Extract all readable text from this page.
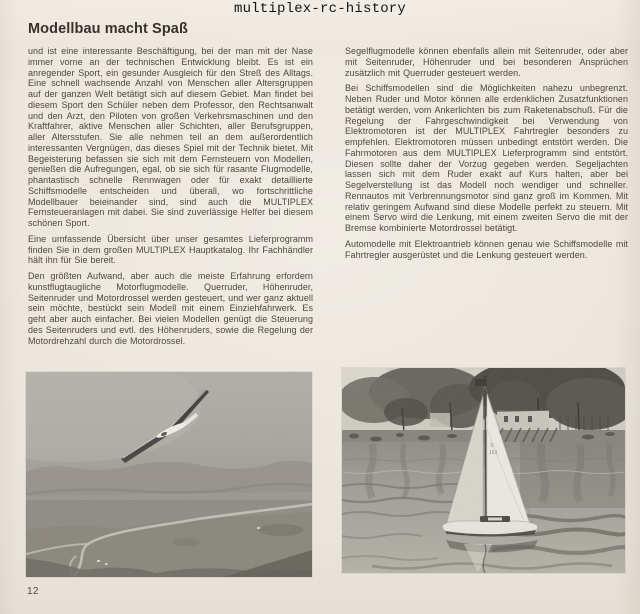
multiplex-rc-history
Modellbau macht Spaß

und ist eine interessante Beschäftigung, bei der man mit der Nase immer vorne an der technischen Entwicklung bleibt. Es ist ein anregender Sport, ein gesunder Ausgleich für den Streß des Alltags. Eine schnell wachsende Anzahl von Menschen aller Altersgruppen auf der ganzen Welt betätigt sich auf diesem Gebiet. Man findet bei diesem Sport den Schüler neben dem Professor, den Rechtsanwalt und den Arzt, den Piloten von großen Verkehrsmaschinen und den Kraftfahrer, aktive Menschen aller Schichten, aller Berufsgruppen, aller Altersstufen. Sie alle nehmen teil an dem außerordentlich interessanten Vergnügen, das dieses Spiel mit der Technik bietet. Mit Begeisterung befassen sie sich mit dem Fernsteuern von Modellen, genießen die Aufregungen, egal, ob sie sich für rasante Flugmodelle, phantastisch schnelle Rennwagen oder für exakt detaillierte Schiffsmodelle entscheiden und überall, wo fortschrittliche Modellbauer beieinander sind, sind auch die MULTIPLEX Fernsteueranlagen mit dabei. Sie sind zuverlässige Helfer bei diesem schönen Sport.

Eine umfassende Übersicht über unser gesamtes Lieferprogramm finden Sie in dem großen MULTIPLEX Hauptkatalog. Ihr Fachhändler hält ihn für Sie bereit.

Den größten Aufwand, aber auch die meiste Erfahrung erfordern kunstflugtaugliche Motorflugmodelle. Querruder, Höhenruder, Seitenruder und Motordrossel werden gesteuert, und wer ganz aktuell sein möchte, bestückt sein Modell mit einem Einziehfahrwerk. Es geht aber auch einfacher. Bei vielen Modellen genügt die Steuerung des Seitenruders und evtl. des Höhenruders, sowie die Regelung der Motordrehzahl durch die Motordrossel.

Segelflugmodelle können ebenfalls allein mit Seitenruder, oder aber mit Seitenruder, Höhenruder und bei besonderen Ansprüchen zusätzlich mit Querruder gesteuert werden.

Bei Schiffsmodellen sind die Möglichkeiten nahezu unbegrenzt. Neben Ruder und Motor können alle erdenklichen Zusatzfunktionen betätigt werden, vom Ankerlichten bis zum Raketenabschuß. Für die Regelung der Fahrgeschwindigkeit bei Verwendung von Elektromotoren ist der MULTIPLEX Fahrtregler besonders zu empfehlen. Elektromotoren müssen unbedingt entstört werden. Die Fahrmotoren aus dem MULTIPLEX Lieferprogramm sind entstört. Diesen sollte daher der Vorzug gegeben werden. Segeljachten lassen sich mit dem Ruder exakt auf Kurs halten, aber bei Segelverstellung ist das Modell noch wendiger und schneller. Rennautos mit Verbrennungsmotor sind ganz groß im Kommen. Mit relativ geringem Aufwand sind diese Modelle perfekt zu steuern. Mit einem Servo wird die Lenkung, mit einem zweiten Servo die mit der Bremse kombinierte Motordrossel betätigt.

Automodelle mit Elektroantrieb können genau wie Schiffsmodelle mit Fahrtregler ausgerüstet und die Lenkung gesteuert werden.

S
163
12
